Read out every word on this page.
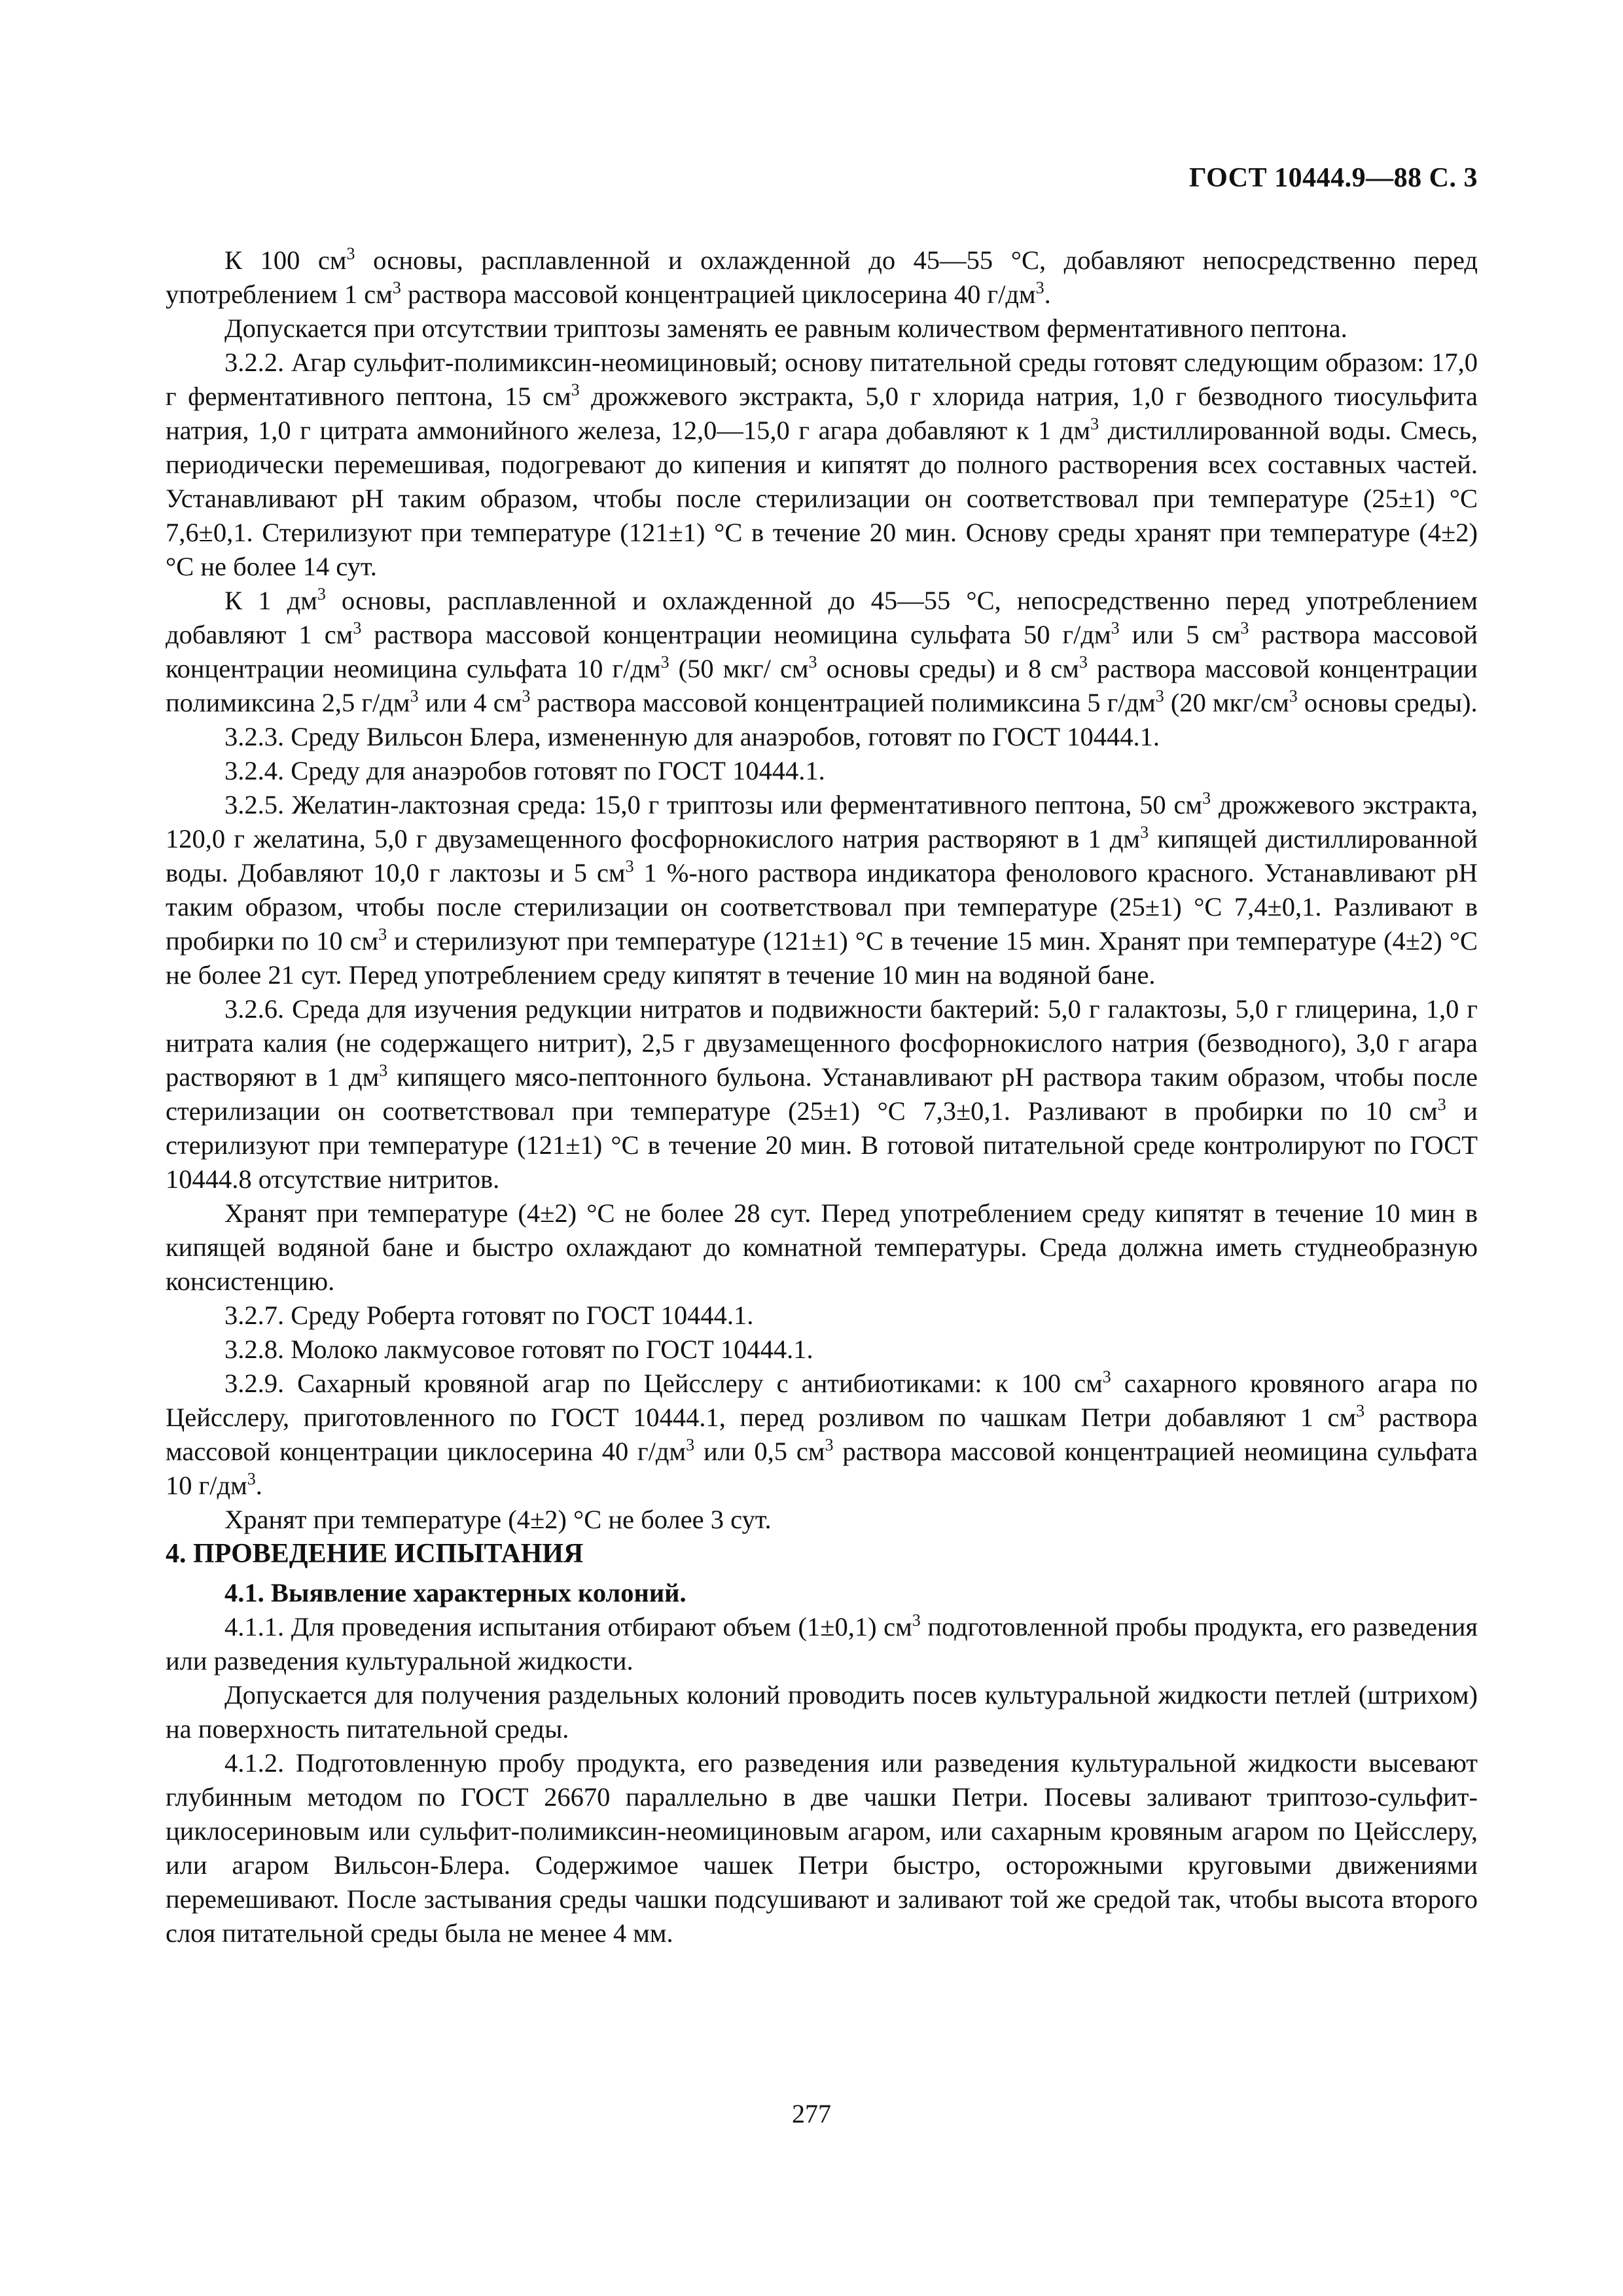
ГОСТ 10444.9—88 С. 3

К 100 $см^3$ основы, расплавленной и охлажденной до 45—55 °С, добавляют непосредственно перед употреблением 1 $см^3$ раствора массовой концентрацией циклосерина 40 $г/дм^3$.

Допускается при отсутствии триптозы заменять ее равным количеством ферментативного пептона.

3.2.2. Агар сульфит-полимиксин-неомициновый; основу питательной среды готовят следующим образом: 17,0 г ферментативного пептона, 15 $см^3$ дрожжевого экстракта, 5,0 г хлорида натрия, 1,0 г безводного тиосульфита натрия, 1,0 г цитрата аммонийного железа, 12,0—15,0 г агара добавляют к 1 $дм^3$ дистиллированной воды. Смесь, периодически перемешивая, подогревают до кипения и кипятят до полного растворения всех составных частей. Устанавливают рН таким образом, чтобы после стерилизации он соответствовал при температуре (25±1) °С 7,6±0,1. Стерилизуют при температуре (121±1) °С в течение 20 мин. Основу среды хранят при температуре (4±2) °С не более 14 сут.

К 1 $дм^3$ основы, расплавленной и охлажденной до 45—55 °С, непосредственно перед употреблением добавляют 1 $см^3$ раствора массовой концентрации неомицина сульфата 50 $г/дм^3$ или 5 $см^3$ раствора массовой концентрации неомицина сульфата 10 $г/дм^3$ (50 мкг/ $см^3$ основы среды) и 8 $см^3$ раствора массовой концентрации полимиксина 2,5 $г/дм^3$ или 4 $см^3$ раствора массовой концентрацией полимиксина 5 $г/дм^3$ (20 мкг/$см^3$ основы среды).

3.2.3. Среду Вильсон Блера, измененную для анаэробов, готовят по ГОСТ 10444.1.

3.2.4. Среду для анаэробов готовят по ГОСТ 10444.1.

3.2.5. Желатин-лактозная среда: 15,0 г триптозы или ферментативного пептона, 50 $см^3$ дрожжевого экстракта, 120,0 г желатина, 5,0 г двузамещенного фосфорнокислого натрия растворяют в 1 $дм^3$ кипящей дистиллированной воды. Добавляют 10,0 г лактозы и 5 $см^3$ 1 %-ного раствора индикатора фенолового красного. Устанавливают рН таким образом, чтобы после стерилизации он соответствовал при температуре (25±1) °С 7,4±0,1. Разливают в пробирки по 10 $см^3$ и стерилизуют при температуре (121±1) °С в течение 15 мин. Хранят при температуре (4±2) °С не более 21 сут. Перед употреблением среду кипятят в течение 10 мин на водяной бане.

3.2.6. Среда для изучения редукции нитратов и подвижности бактерий: 5,0 г галактозы, 5,0 г глицерина, 1,0 г нитрата калия (не содержащего нитрит), 2,5 г двузамещенного фосфорнокислого натрия (безводного), 3,0 г агара растворяют в 1 $дм^3$ кипящего мясо-пептонного бульона. Устанавливают рН раствора таким образом, чтобы после стерилизации он соответствовал при температуре (25±1) °С 7,3±0,1. Разливают в пробирки по 10 $см^3$ и стерилизуют при температуре (121±1) °С в течение 20 мин. В готовой питательной среде контролируют по ГОСТ 10444.8 отсутствие нитритов.

Хранят при температуре (4±2) °С не более 28 сут. Перед употреблением среду кипятят в течение 10 мин в кипящей водяной бане и быстро охлаждают до комнатной температуры. Среда должна иметь студнеобразную консистенцию.

3.2.7. Среду Роберта готовят по ГОСТ 10444.1.

3.2.8. Молоко лакмусовое готовят по ГОСТ 10444.1.

3.2.9. Сахарный кровяной агар по Цейсслеру с антибиотиками: к 100 $см^3$ сахарного кровяного агара по Цейсслеру, приготовленного по ГОСТ 10444.1, перед розливом по чашкам Петри добавляют 1 $см^3$ раствора массовой концентрации циклосерина 40 $г/дм^3$ или 0,5 $см^3$ раствора массовой концентрацией неомицина сульфата 10 $г/дм^3$.

Хранят при температуре (4±2) °С не более 3 сут.

4. ПРОВЕДЕНИЕ ИСПЫТАНИЯ

4.1. Выявление характерных колоний.

4.1.1. Для проведения испытания отбирают объем (1±0,1) $см^3$ подготовленной пробы продукта, его разведения или разведения культуральной жидкости.

Допускается для получения раздельных колоний проводить посев культуральной жидкости петлей (штрихом) на поверхность питательной среды.

4.1.2. Подготовленную пробу продукта, его разведения или разведения культуральной жидкости высевают глубинным методом по ГОСТ 26670 параллельно в две чашки Петри. Посевы заливают триптозо-сульфит-циклосериновым или сульфит-полимиксин-неомициновым агаром, или сахарным кровяным агаром по Цейсслеру, или агаром Вильсон-Блера. Содержимое чашек Петри быстро, осторожными круговыми движениями перемешивают. После застывания среды чашки подсушивают и заливают той же средой так, чтобы высота второго слоя питательной среды была не менее 4 мм.

277
